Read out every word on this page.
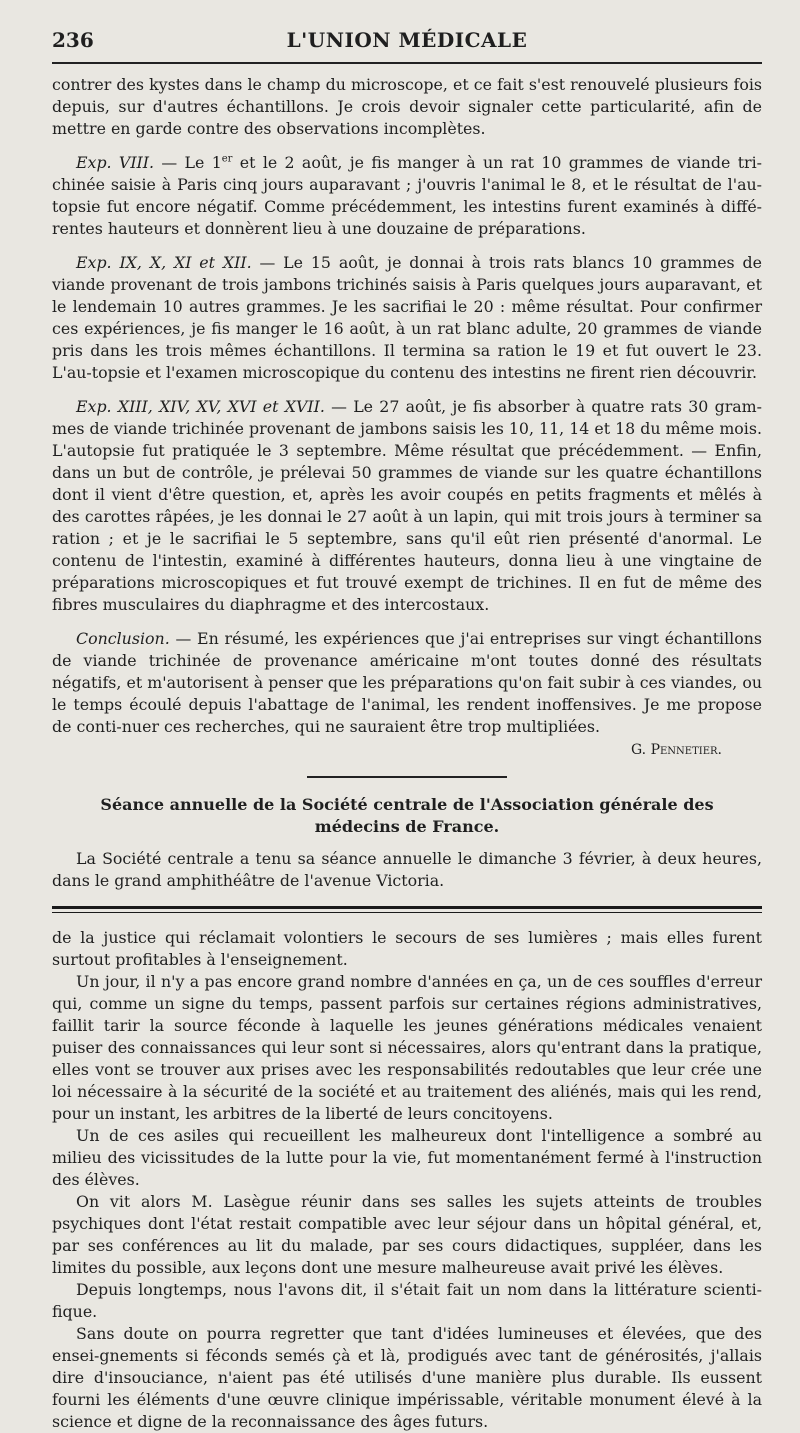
236	L'UNION MÉDICALE

contrer des kystes dans le champ du microscope, et ce fait s'est renouvelé plusieurs fois depuis, sur d'autres échantillons. Je crois devoir signaler cette particularité, afin de mettre en garde contre des observations incomplètes.

Exp. VIII. — Le 1er et le 2 août, je fis manger à un rat 10 grammes de viande tri-chinée saisie à Paris cinq jours auparavant ; j'ouvris l'animal le 8, et le résultat de l'au-topsie fut encore négatif. Comme précédemment, les intestins furent examinés à diffé-rentes hauteurs et donnèrent lieu à une douzaine de préparations.

Exp. IX, X, XI et XII. — Le 15 août, je donnai à trois rats blancs 10 grammes de viande provenant de trois jambons trichinés saisis à Paris quelques jours auparavant, et le lendemain 10 autres grammes. Je les sacrifiai le 20 : même résultat. Pour confirmer ces expériences, je fis manger le 16 août, à un rat blanc adulte, 20 grammes de viande pris dans les trois mêmes échantillons. Il termina sa ration le 19 et fut ouvert le 23. L'au-topsie et l'examen microscopique du contenu des intestins ne firent rien découvrir.

Exp. XIII, XIV, XV, XVI et XVII. — Le 27 août, je fis absorber à quatre rats 30 gram-mes de viande trichinée provenant de jambons saisis les 10, 11, 14 et 18 du même mois. L'autopsie fut pratiquée le 3 septembre. Même résultat que précédemment. — Enfin, dans un but de contrôle, je prélevai 50 grammes de viande sur les quatre échantillons dont il vient d'être question, et, après les avoir coupés en petits fragments et mêlés à des carottes râpées, je les donnai le 27 août à un lapin, qui mit trois jours à terminer sa ration ; et je le sacrifiai le 5 septembre, sans qu'il eût rien présenté d'anormal. Le contenu de l'intestin, examiné à différentes hauteurs, donna lieu à une vingtaine de préparations microscopiques et fut trouvé exempt de trichines. Il en fut de même des fibres musculaires du diaphragme et des intercostaux.

Conclusion. — En résumé, les expériences que j'ai entreprises sur vingt échantillons de viande trichinée de provenance américaine m'ont toutes donné des résultats négatifs, et m'autorisent à penser que les préparations qu'on fait subir à ces viandes, ou le temps écoulé depuis l'abattage de l'animal, les rendent inoffensives. Je me propose de conti-nuer ces recherches, qui ne sauraient être trop multipliées.

G. Pennetier.
Séance annuelle de la Société centrale de l'Association générale des médecins de France.

La Société centrale a tenu sa séance annuelle le dimanche 3 février, à deux heures, dans le grand amphithéâtre de l'avenue Victoria.

de la justice qui réclamait volontiers le secours de ses lumières ; mais elles furent surtout profitables à l'enseignement.

Un jour, il n'y a pas encore grand nombre d'années en ça, un de ces souffles d'erreur qui, comme un signe du temps, passent parfois sur certaines régions administratives, faillit tarir la source féconde à laquelle les jeunes générations médicales venaient puiser des connaissances qui leur sont si nécessaires, alors qu'entrant dans la pratique, elles vont se trouver aux prises avec les responsabilités redoutables que leur crée une loi nécessaire à la sécurité de la société et au traitement des aliénés, mais qui les rend, pour un instant, les arbitres de la liberté de leurs concitoyens.

Un de ces asiles qui recueillent les malheureux dont l'intelligence a sombré au milieu des vicissitudes de la lutte pour la vie, fut momentanément fermé à l'instruction des élèves.

On vit alors M. Lasègue réunir dans ses salles les sujets atteints de troubles psychiques dont l'état restait compatible avec leur séjour dans un hôpital général, et, par ses conférences au lit du malade, par ses cours didactiques, suppléer, dans les limites du possible, aux leçons dont une mesure malheureuse avait privé les élèves.

Depuis longtemps, nous l'avons dit, il s'était fait un nom dans la littérature scienti-fique.

Sans doute on pourra regretter que tant d'idées lumineuses et élevées, que des ensei-gnements si féconds semés çà et là, prodigués avec tant de générosités, j'allais dire d'insouciance, n'aient pas été utilisés d'une manière plus durable. Ils eussent fourni les éléments d'une œuvre clinique impérissable, véritable monument élevé à la science et digne de la reconnaissance des âges futurs.
